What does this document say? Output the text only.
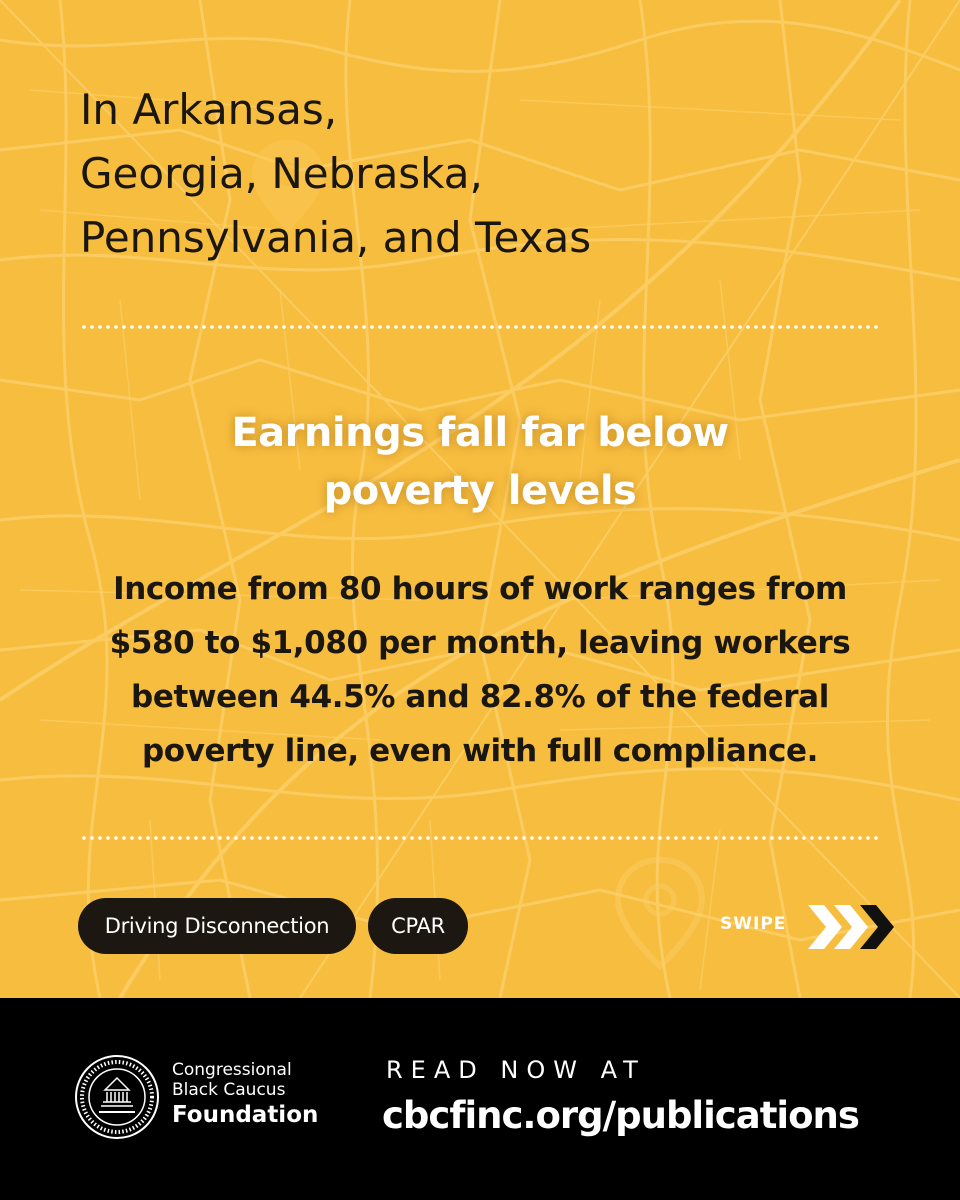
In Arkansas,
Georgia, Nebraska,
Pennsylvania, and Texas
Earnings fall far below
poverty levels

Income from 80 hours of work ranges from
$580 to $1,080 per month, leaving workers
between 44.5% and 82.8% of the federal
poverty line, even with full compliance.

Driving Disconnection	CPAR	SWIPE
Congressional
Black Caucus
Foundation
READ NOW AT
cbcfinc.org/publications
